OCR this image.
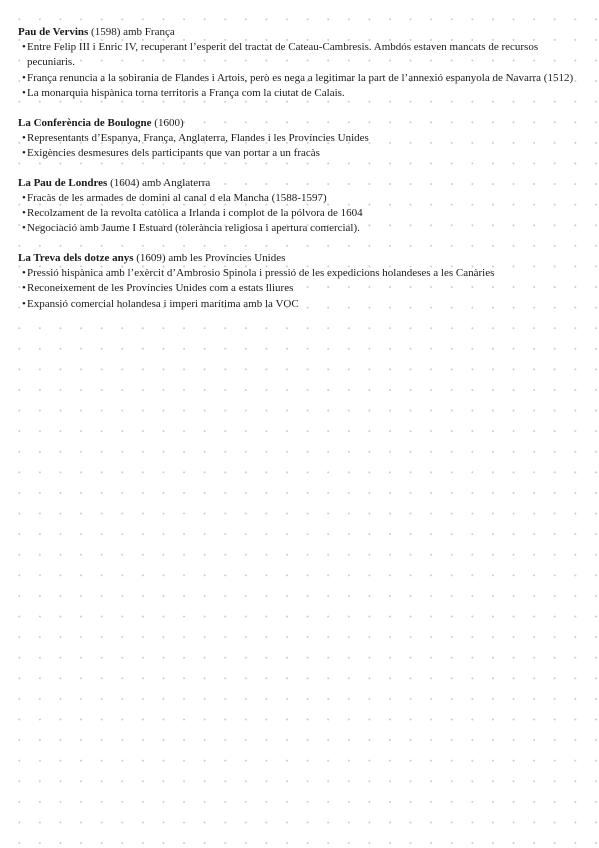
Pau de Vervins (1598) amb França

•Entre Felip III i Enric IV, recuperant l’esperit del tractat de Cateau-Cambresis. Ambdós estaven mancats de recursos pecuniaris.
•França renuncia a la sobirania de Flandes i Artois, però es nega a legitimar la part de l’annexió espanyola de Navarra (1512)
•La monarquia hispànica torna territoris a França com la ciutat de Calais.

La Conferència de Boulogne (1600)

•Representants d’Espanya, França, Anglaterra, Flandes i les Províncies Unides
•Exigències desmesures dels participants que van portar a un fracàs

La Pau de Londres (1604) amb Anglaterra

•Fracàs de les armades de domini al canal d ela Mancha (1588-1597)
•Recolzament de la revolta catòlica a Irlanda i complot de la pólvora de 1604
•Negociació amb Jaume I Estuard (tolerància religiosa i apertura comercial).

La Treva dels dotze anys (1609) amb les Províncies Unides

•Pressió hispànica amb l’exèrcit d’Ambrosio Spinola i pressió de les expedicions holandeses a les Canàries
•Reconeixement de les Províncies Unides com a estats lliures
•Expansió comercial holandesa i imperi marítima amb la VOC
